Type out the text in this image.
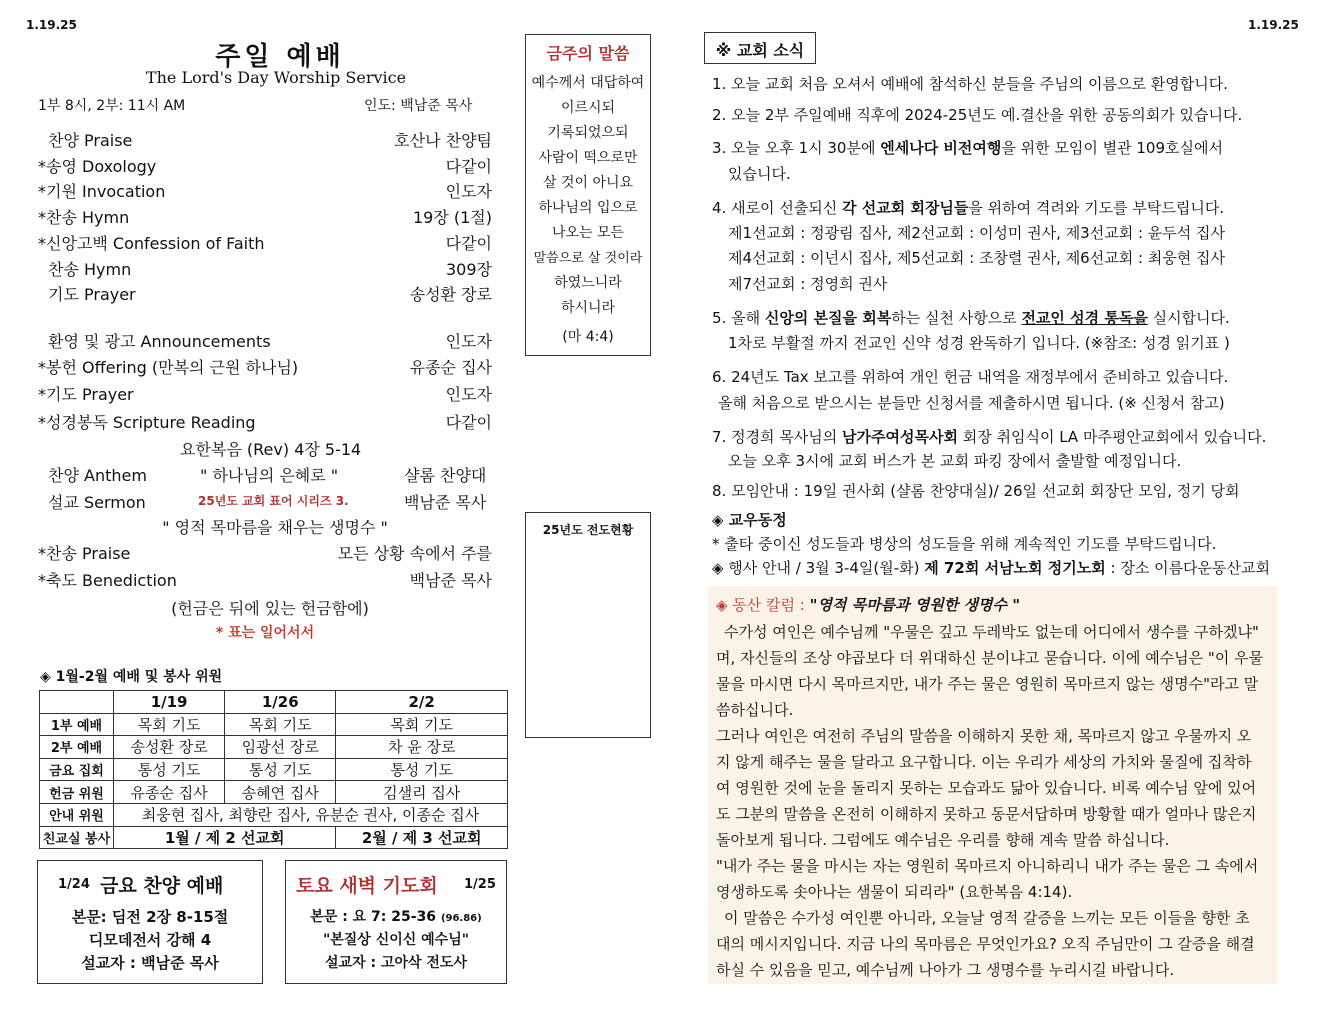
1.19.25
주일 예배
The Lord's Day Worship Service
1부 8시, 2부: 11시 AM	인도: 백남준 목사
찬양 Praise	호산나 찬양팀
*송영 Doxology	다같이
*기원 Invocation	인도자
*찬송 Hymn	19장 (1절)
*신앙고백 Confession of Faith	다같이
찬송 Hymn	309장
기도 Prayer	송성환 장로
환영 및 광고 Announcements	인도자
*봉헌 Offering (만복의 근원 하나님)	유종순 집사
*기도 Prayer	인도자
*성경봉독 Scripture Reading	다같이
요한복음 (Rev) 4장 5-14
찬양 Anthem	" 하나님의 은혜로 "	샬롬 찬양대
설교 Sermon	25년도 교회 표어 시리즈 3.	백남준 목사
" 영적 목마름을 채우는 생명수 "
*찬송 Praise	모든 상황 속에서 주를
*축도 Benediction	백남준 목사
(헌금은 뒤에 있는 헌금함에)
* 표는 일어서서
◈ 1월-2월 예배 및 봉사 위원
	1/19	1/26	2/2
1부 예배	목회 기도	목회 기도	목회 기도
2부 예배	송성환 장로	임광선 장로	차 윤 장로
금요 집회	통성 기도	통성 기도	통성 기도
헌금 위원	유종순 집사	송혜연 집사	김샐리 집사
안내 위원	최웅현 집사, 최향란 집사, 유분순 권사, 이종순 집사		
친교실 봉사	1월 / 제 2 선교회		2월 / 제 3 선교회
1/24 금요 찬양 예배
본문: 딤전 2장 8-15절
디모데전서 강해 4
설교자 : 백남준 목사
토요 새벽 기도회 1/25
본문 : 요 7: 25-36 (96.86)
"본질상 신이신 예수님"
설교자 : 고아삭 전도사
금주의 말씀
예수께서 대답하여
이르시되
기록되었으되
사람이 떡으로만
살 것이 아니요
하나님의 입으로
나오는 모든
말씀으로 살 것이라
하였느니라
하시니라
(마 4:4)
25년도 전도현황
1.19.25
※ 교회 소식
1. 오늘 교회 처음 오셔서 예배에 참석하신 분들을 주님의 이름으로 환영합니다.
2. 오늘 2부 주일예배 직후에 2024-25년도 예.결산을 위한 공동의회가 있습니다.
3. 오늘 오후 1시 30분에 엔세나다 비전여행을 위한 모임이 별관 109호실에서
있습니다.
4. 새로이 선출되신 각 선교회 회장님들을 위하여 격려와 기도를 부탁드립니다.
제1선교회 : 정광림 집사, 제2선교회 : 이성미 권사, 제3선교회 : 윤두석 집사
제4선교회 : 이넌시 집사, 제5선교회 : 조창렬 권사, 제6선교회 : 최웅현 집사
제7선교회 : 정영희 권사
5. 올해 신앙의 본질을 회복하는 실천 사항으로 전교인 성경 통독을 실시합니다.
1차로 부활절 까지 전교인 신약 성경 완독하기 입니다. (※참조: 성경 읽기표 )
6. 24년도 Tax 보고를 위하여 개인 헌금 내역을 재정부에서 준비하고 있습니다.
올해 처음으로 받으시는 분들만 신청서를 제출하시면 됩니다. (※ 신청서 참고)
7. 정경희 목사님의 남가주여성목사회 회장 취임식이 LA 마주평안교회에서 있습니다.
오늘 오후 3시에 교회 버스가 본 교회 파킹 장에서 출발할 예정입니다.
8. 모임안내 : 19일 권사회 (샬롬 찬양대실)/ 26일 선교회 회장단 모임, 정기 당회
◈ 교우동정
* 출타 중이신 성도들과 병상의 성도들을 위해 계속적인 기도를 부탁드립니다.
◈ 행사 안내 / 3월 3-4일(월-화) 제 72회 서남노회 정기노회 : 장소 이름다운동산교회
◈ 동산 칼럼 : "영적 목마름과 영원한 생명수 "
수가성 여인은 예수님께 "우물은 깊고 두레박도 없는데 어디에서 생수를 구하겠냐"
며, 자신들의 조상 야곱보다 더 위대하신 분이냐고 묻습니다. 이에 예수님은 "이 우물
물을 마시면 다시 목마르지만, 내가 주는 물은 영원히 목마르지 않는 생명수"라고 말
씀하십니다.
그러나 여인은 여전히 주님의 말씀을 이해하지 못한 채, 목마르지 않고 우물까지 오
지 않게 해주는 물을 달라고 요구합니다. 이는 우리가 세상의 가치와 물질에 집착하
여 영원한 것에 눈을 돌리지 못하는 모습과도 닮아 있습니다. 비록 예수님 앞에 있어
도 그분의 말씀을 온전히 이해하지 못하고 동문서답하며 방황할 때가 얼마나 많은지
돌아보게 됩니다. 그럼에도 예수님은 우리를 향해 계속 말씀 하십니다.
"내가 주는 물을 마시는 자는 영원히 목마르지 아니하리니 내가 주는 물은 그 속에서
영생하도록 솟아나는 샘물이 되리라" (요한복음 4:14).
이 말씀은 수가성 여인뿐 아니라, 오늘날 영적 갈증을 느끼는 모든 이들을 향한 초
대의 메시지입니다. 지금 나의 목마름은 무엇인가요? 오직 주님만이 그 갈증을 해결
하실 수 있음을 믿고, 예수님께 나아가 그 생명수를 누리시길 바랍니다.
